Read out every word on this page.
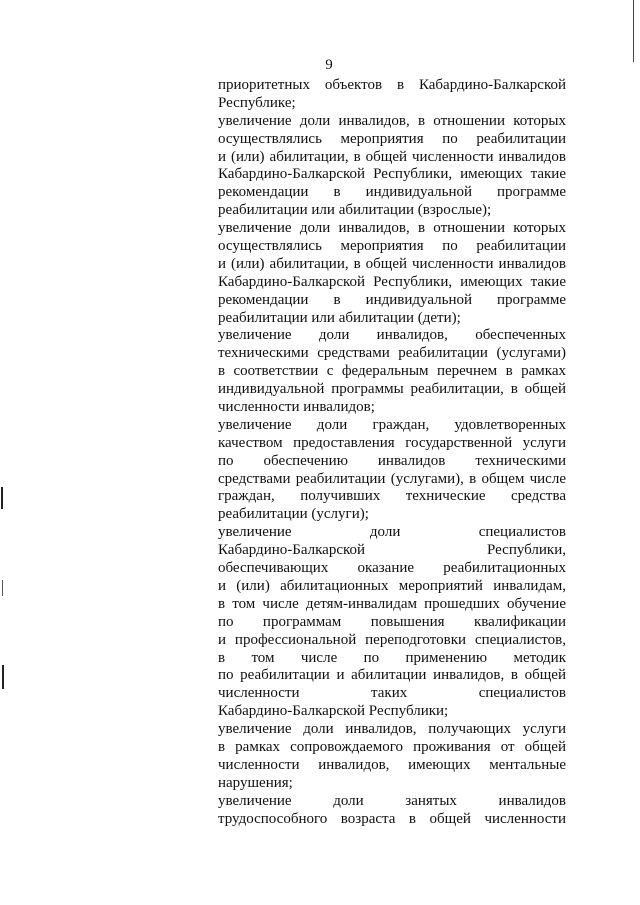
9
приоритетных объектов в Кабардино-Балкарской
Республике;
увеличение доли инвалидов, в отношении которых
осуществлялись мероприятия по реабилитации
и (или) абилитации, в общей численности инвалидов
Кабардино-Балкарской Республики, имеющих такие
рекомендации в индивидуальной программе
реабилитации или абилитации (взрослые);
увеличение доли инвалидов, в отношении которых
осуществлялись мероприятия по реабилитации
и (или) абилитации, в общей численности инвалидов
Кабардино-Балкарской Республики, имеющих такие
рекомендации в индивидуальной программе
реабилитации или абилитации (дети);
увеличение доли инвалидов, обеспеченных
техническими средствами реабилитации (услугами)
в соответствии с федеральным перечнем в рамках
индивидуальной программы реабилитации, в общей
численности инвалидов;
увеличение доли граждан, удовлетворенных
качеством предоставления государственной услуги
по обеспечению инвалидов техническими
средствами реабилитации (услугами), в общем числе
граждан, получивших технические средства
реабилитации (услуги);
увеличение доли специалистов
Кабардино-Балкарской Республики,
обеспечивающих оказание реабилитационных
и (или) абилитационных мероприятий инвалидам,
в том числе детям-инвалидам прошедших обучение
по программам повышения квалификации
и профессиональной переподготовки специалистов,
в том числе по применению методик
по реабилитации и абилитации инвалидов, в общей
численности таких специалистов
Кабардино-Балкарской Республики;
увеличение доли инвалидов, получающих услуги
в рамках сопровождаемого проживания от общей
численности инвалидов, имеющих ментальные
нарушения;
увеличение доли занятых инвалидов
трудоспособного возраста в общей численности
